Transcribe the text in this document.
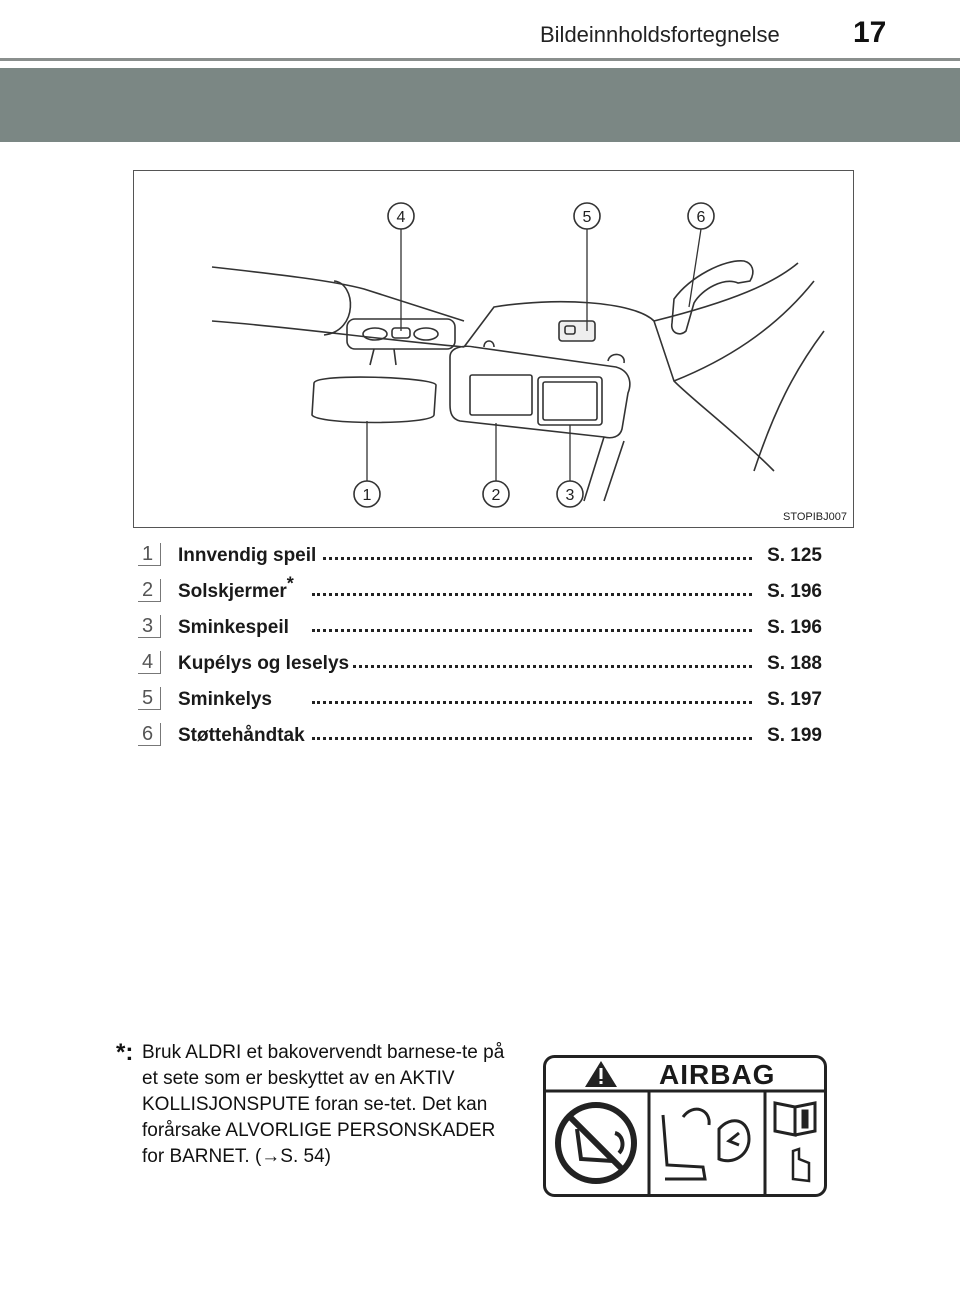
Bildeinnholdsfortegnelse 17
4	5	6
1	2	3
STOPIBJ007
1 Innvendig speil	S. 125
2 Solskjermer*	S. 196
3 Sminkespeil	S. 196
4 Kupélys og leselys	S. 188
5 Sminkelys	S. 197
6 Støttehåndtak	S. 199
*: Bruk ALDRI et bakovervendt barnese-te på et sete som er beskyttet av en AKTIV KOLLISJONSPUTE foran se-tet. Det kan forårsake ALVORLIGE PERSONSKADER for BARNET. (→S. 54)
AIRBAG
